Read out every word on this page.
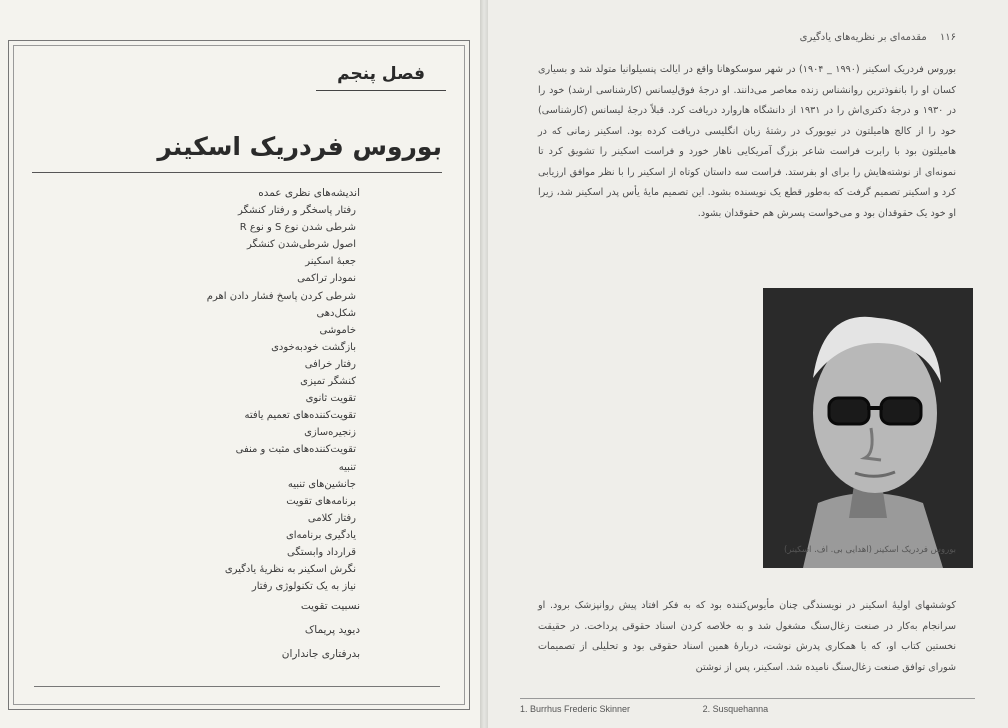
فصل پنجم
بوروس فردریک اسکینر
اندیشه‌های نظری عمده
رفتار پاسخگر و رفتار کنشگر
شرطی شدن نوع S و نوع R
اصول شرطی‌شدن کنشگر
جعبهٔ اسکینر
نمودار تراکمی
شرطی کردن پاسخ فشار دادن اهرم
شکل‌دهی
خاموشی
بازگشت خودبه‌خودی
رفتار خرافی
کنشگر تمیزی
تقویت ثانوی
تقویت‌کننده‌های تعمیم یافته
زنجیره‌سازی
تقویت‌کننده‌های مثبت و منفی
تنبیه
جانشین‌های تنبیه
برنامه‌های تقویت
رفتار کلامی
یادگیری برنامه‌ای
قرارداد وابستگی
نگرش اسکینر به نظریهٔ یادگیری
نیاز به یک تکنولوژی رفتار
نسبیت تقویت
دیوید پریماک
بدرفتاری جانداران
۱۱۶ مقدمه‌ای بر نظریه‌های یادگیری
بوروس فردریک اسکینر (۱۹۹۰ _ ۱۹۰۴) در شهر سوسکوهانا واقع در ایالت پنسیلوانیا متولد شد و بسیاری کسان او را بانفوذترین روانشناس زنده معاصر می‌دانند. او درجهٔ فوق‌لیسانس (کارشناسی ارشد) خود را در ۱۹۳۰ و درجهٔ دکتری‌اش را در ۱۹۳۱ از دانشگاه هاروارد دریافت کرد. قبلاً درجهٔ لیسانس (کارشناسی) خود را از کالج هامیلتون در نیویورک در رشتهٔ زبان انگلیسی دریافت کرده بود. اسکینر زمانی که در هامیلتون بود با رابرت فراست شاعر بزرگ آمریکایی ناهار خورد و فراست اسکینر را تشویق کرد تا نمونه‌ای از نوشته‌هایش را برای او بفرستد. فراست سه داستان کوتاه از اسکینر را با نظر موافق ارزیابی کرد و اسکینر تصمیم گرفت که به‌طور قطع یک نویسنده بشود. این تصمیم مایهٔ یأس پدر اسکینر شد، زیرا او خود یک حقوقدان بود و می‌خواست پسرش هم حقوقدان بشود.
بوروس فردریک اسکینر (اهدایی بی. اف. اسکینر)
کوششهای اولیهٔ اسکینر در نویسندگی چنان مأیوس‌کننده بود که به فکر افتاد پیش روانپزشک برود. او سرانجام به‌کار در صنعت زغال‌سنگ مشغول شد و به خلاصه کردن اسناد حقوقی پرداخت. در حقیقت نخستین کتاب او، که با همکاری پدرش نوشت، دربارهٔ همین اسناد حقوقی بود و تحلیلی از تصمیمات شورای توافق صنعت زغال‌سنگ نامیده شد. اسکینر، پس از نوشتن
1. Burrhus Frederic Skinner	2. Susquehanna
